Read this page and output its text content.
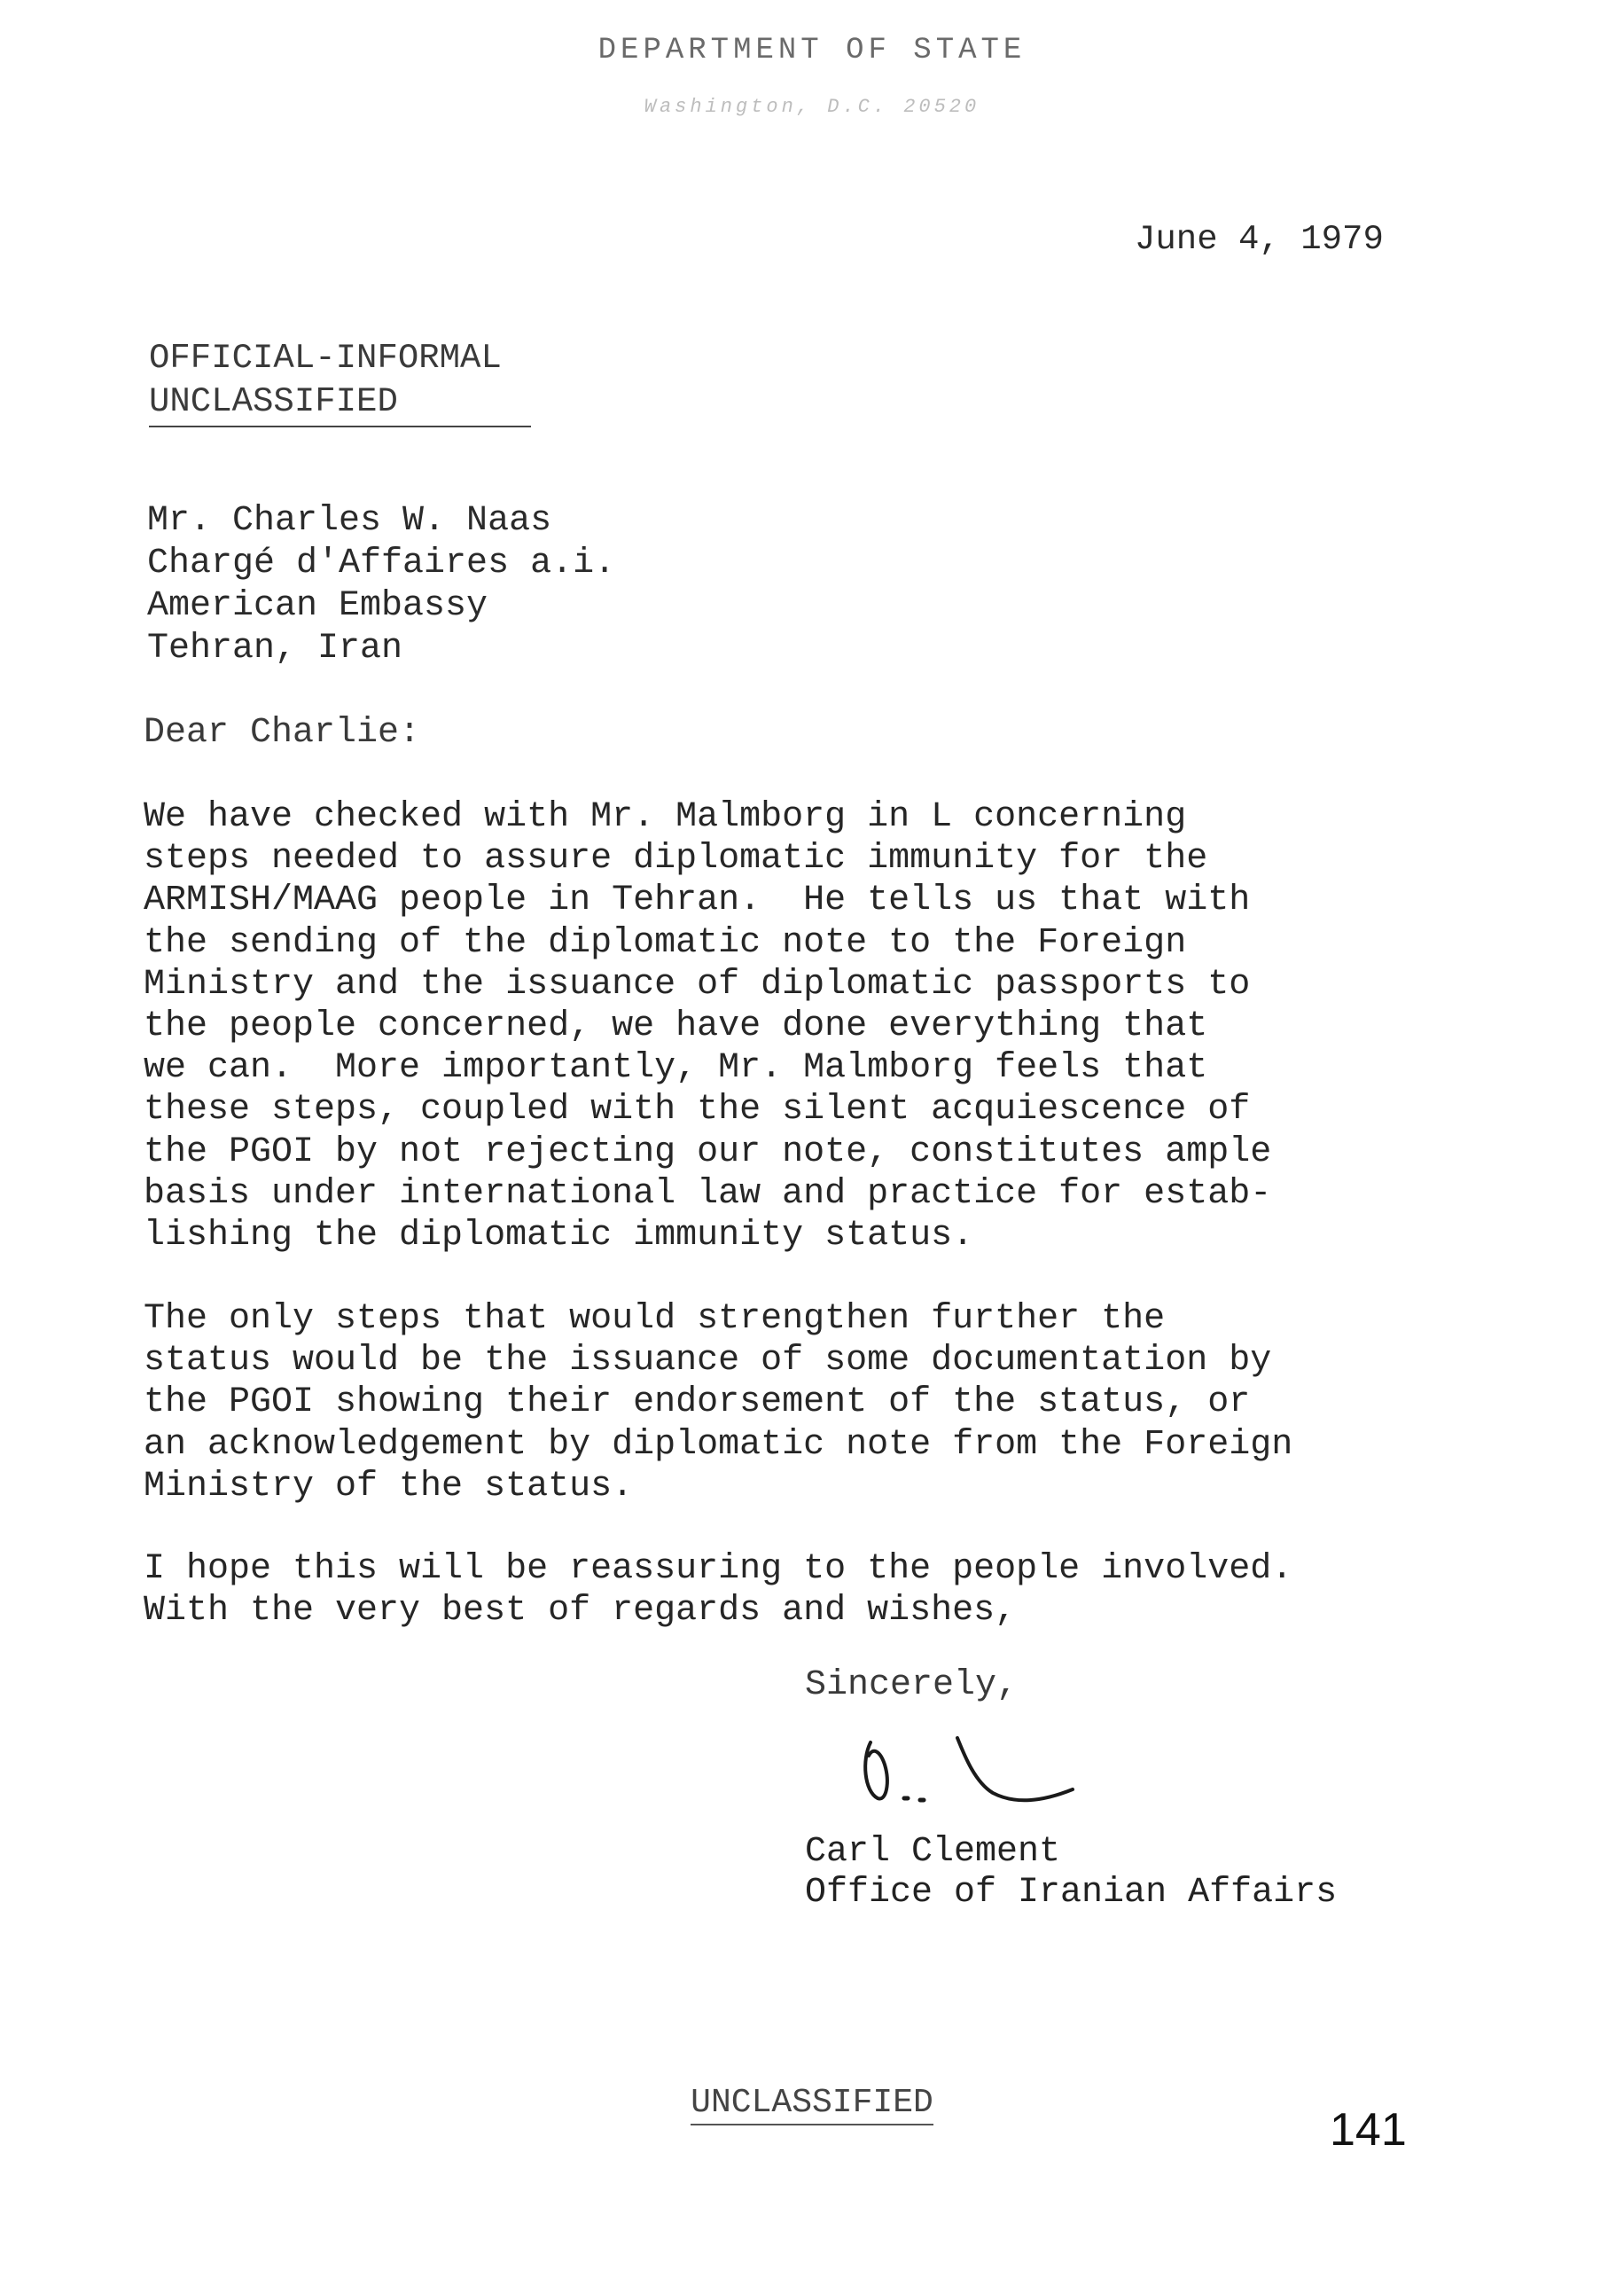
DEPARTMENT OF STATE
Washington, D.C. 20520
June 4, 1979
OFFICIAL-INFORMAL
UNCLASSIFIED
Mr. Charles W. Naas
Chargé d'Affaires a.i.
American Embassy
Tehran, Iran
Dear Charlie:
We have checked with Mr. Malmborg in L concerning
steps needed to assure diplomatic immunity for the
ARMISH/MAAG people in Tehran.  He tells us that with
the sending of the diplomatic note to the Foreign
Ministry and the issuance of diplomatic passports to
the people concerned, we have done everything that
we can.  More importantly, Mr. Malmborg feels that
these steps, coupled with the silent acquiescence of
the PGOI by not rejecting our note, constitutes ample
basis under international law and practice for estab-
lishing the diplomatic immunity status.
The only steps that would strengthen further the
status would be the issuance of some documentation by
the PGOI showing their endorsement of the status, or
an acknowledgement by diplomatic note from the Foreign
Ministry of the status.
I hope this will be reassuring to the people involved.
With the very best of regards and wishes,
Sincerely,
Carl Clement
Office of Iranian Affairs
UNCLASSIFIED
141
